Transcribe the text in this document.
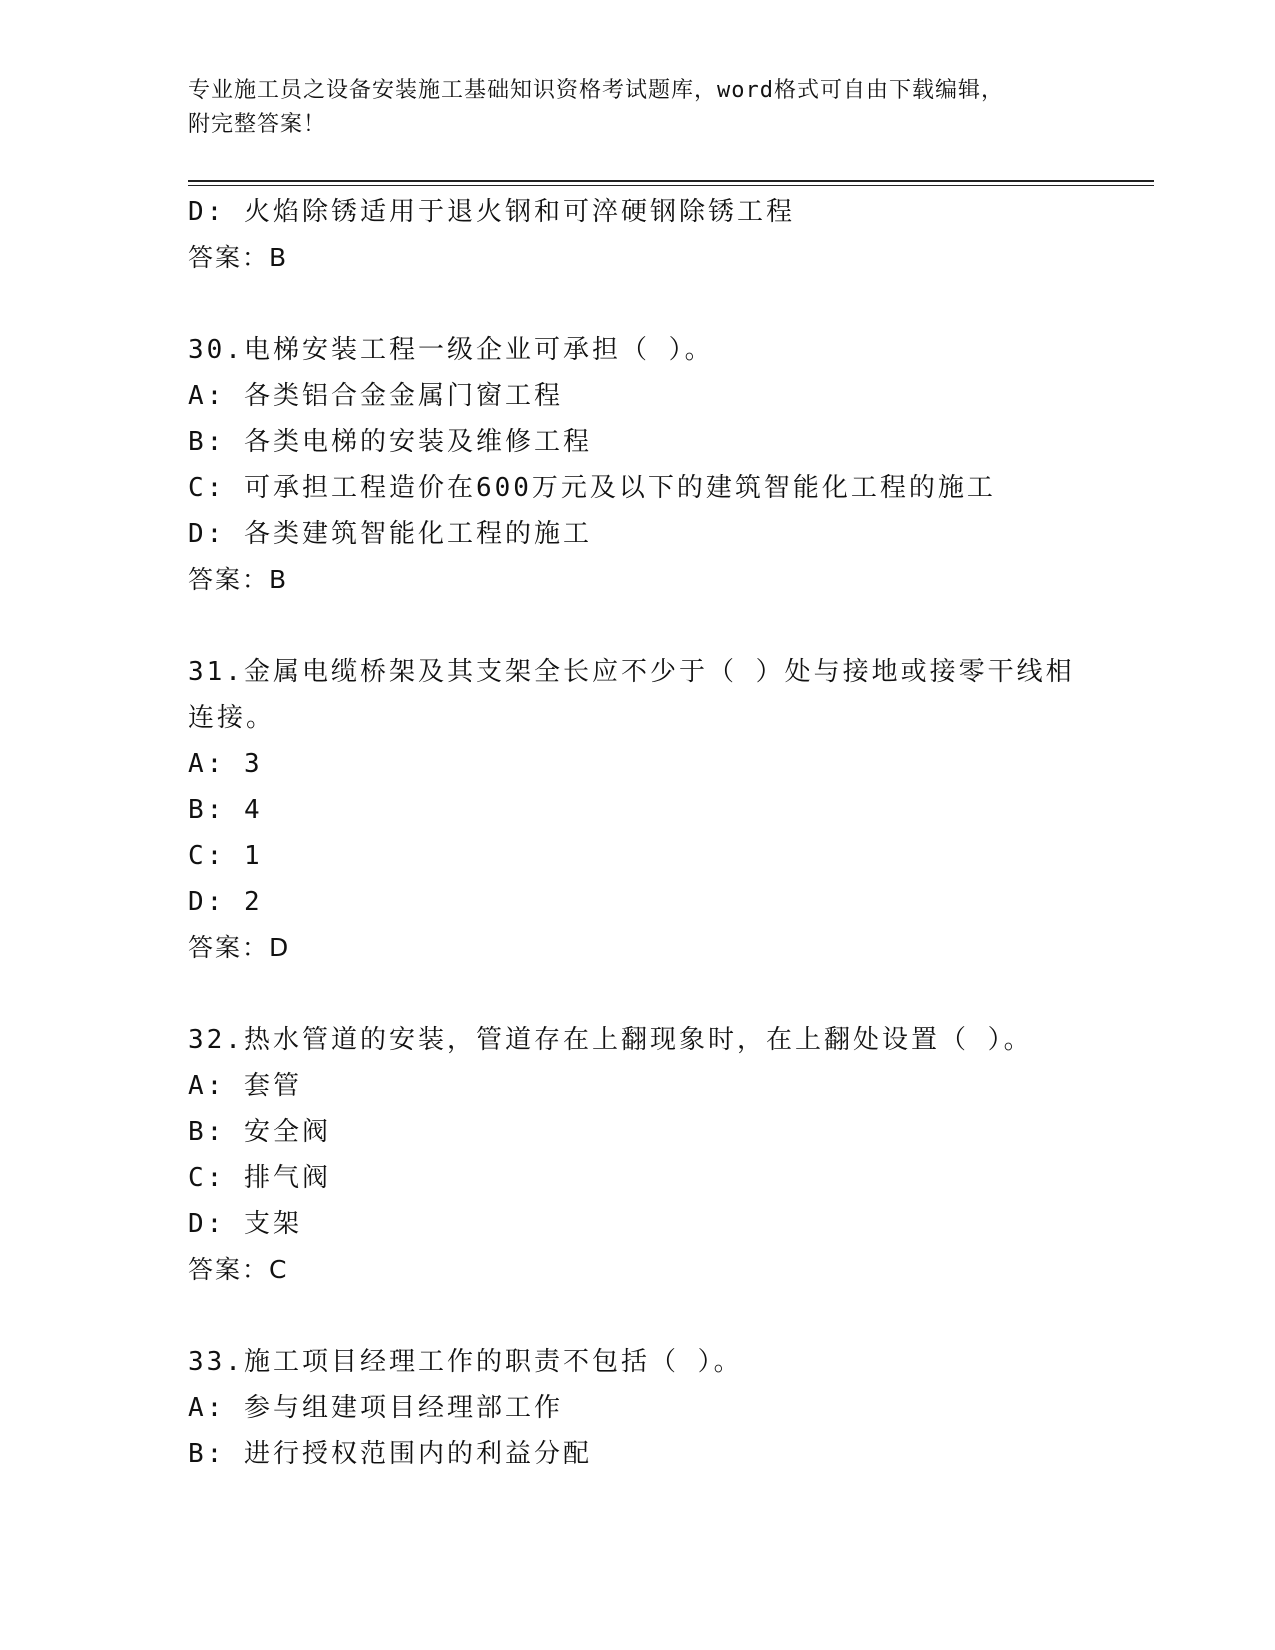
专业施工员之设备安装施工基础知识资格考试题库，word格式可自由下载编辑，
附完整答案！
D: 火焰除锈适用于退火钢和可淬硬钢除锈工程
答案：B
30.电梯安装工程一级企业可承担（ ）。
A: 各类铝合金金属门窗工程
B: 各类电梯的安装及维修工程
C: 可承担工程造价在600万元及以下的建筑智能化工程的施工
D: 各类建筑智能化工程的施工
答案：B
31.金属电缆桥架及其支架全长应不少于（ ）处与接地或接零干线相
连接。
A: 3
B: 4
C: 1
D: 2
答案：D
32.热水管道的安装，管道存在上翻现象时，在上翻处设置（ ）。
A: 套管
B: 安全阀
C: 排气阀
D: 支架
答案：C
33.施工项目经理工作的职责不包括（ ）。
A: 参与组建项目经理部工作
B: 进行授权范围内的利益分配
